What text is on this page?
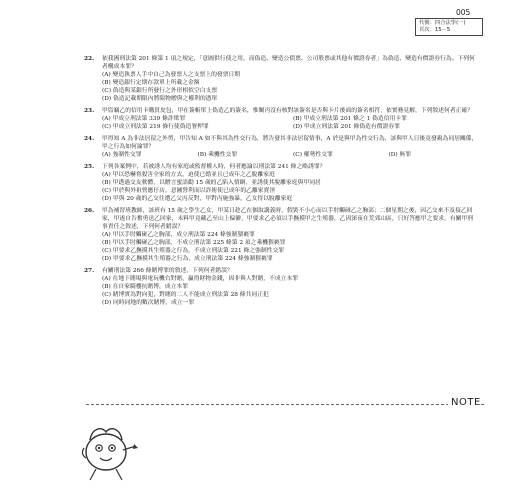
005
代號：四合法學(一)
頁次：15－5
22.	依我國刑法第 201 條第 1 項之規定，「意圖供行使之用，而偽造、變造公債票、公司股票或其他有價證券者」為偽造、變造有價證券行為。下列何者構成本罪？
(A) 變造執票人手中自己為發票人之支票上的發票日期
(B) 變造銀行定期存款單上所載之金額
(C) 偽造與某銀行所發行之外形相似空白支票
(D) 偽造記載期限內將限物贈與之權利的憑單
23.	甲盜竊乙的信用卡購買皮包，甲在簽帳單上偽造乙的簽名，惟闡丙沒有核對該簽名是否與卡片後面的簽名相符，依實務見解，下列敘述何者正確？
(A) 甲成立刑法第 339 條詐欺罪	(B) 甲成立刑法第 201 條之 1 偽造信用卡罪
(C) 甲成立刑法第 219 條行使偽造署押罪	(D) 甲成立刑法第 201 條偽造有價證券罪
24.	甲得知 A 為非法居留之外勞，甲告知 A 如不與其為性交行為，將告發其非法居留情事，A 於是與甲為性交行為，該與甲人日後竟發親為同居關係，甲之行為如何論罪？
(A) 強制性交罪	(B) 乘機性交罪	(C) 權勢性交罪	(D) 無罪
25.	下列各案例中，若被誘人均有家庭或監督權人時，何者應論以刑法第 241 條之略誘罪？
(A) 甲以恐嚇脅殺害全家的方式，迫使已婚並且已成年之乙脫離家庭
(B) 甲透過交友軟體，以贈言蜜語勸 15 歲的乙陷入情網，並誘使其脫離家庭與甲同居
(C) 甲於與外祖營應仔店，意圖營利而以詐術使已成年的乙離家賣淫
(D) 甲與 20 歲的乙交往遭乙父丙反對，甲對丙施強暴，乙女得以脫離家庭
26.	甲為補習班教師，該班有 15 歲之學生乙女，甲某日趁乙在個取講義時，假裝不小心而以手肘觸碰乙之胸部；二個星期之後，因乙交來不及接乙回家，甲遂自告奮勇送乙回家，未料甲竟藏乙至山上偏僻，甲要求乙必須以手撫摸甲之生殖器，乙因深夜在荒郊山區，只好答應甲之要求，有關甲刑事責任之敘述，下列何者錯誤？
(A) 甲以手肘觸碰乙之胸部，成立刑法第 224 條強制猥褻罪
(B) 甲以手肘觸碰乙之胸部，不成立刑法第 225 條第 2 項之乘機猥褻罪
(C) 甲要求乙撫摸其生殖器之行為，不成立刑法第 221 條之強制性交罪
(D) 甲要求乙撫摸其生殖器之行為，成立刑法第 224 條強制猥褻罪
27.	有關刑法第 266 條賭博罪的敘述，下列何者錯誤？
(A) 在地下賭場與電玩機台對賭，贏得財物金錢，因非與人對賭，不成立本罪
(B) 在自家騎樓抗賭博，成立本罪
(C) 賭博實為對向犯，對賭的二人不能成立刑法第 28 條共同正犯
(D) 同時同地的數次賭博，成立一罪
NOTE
